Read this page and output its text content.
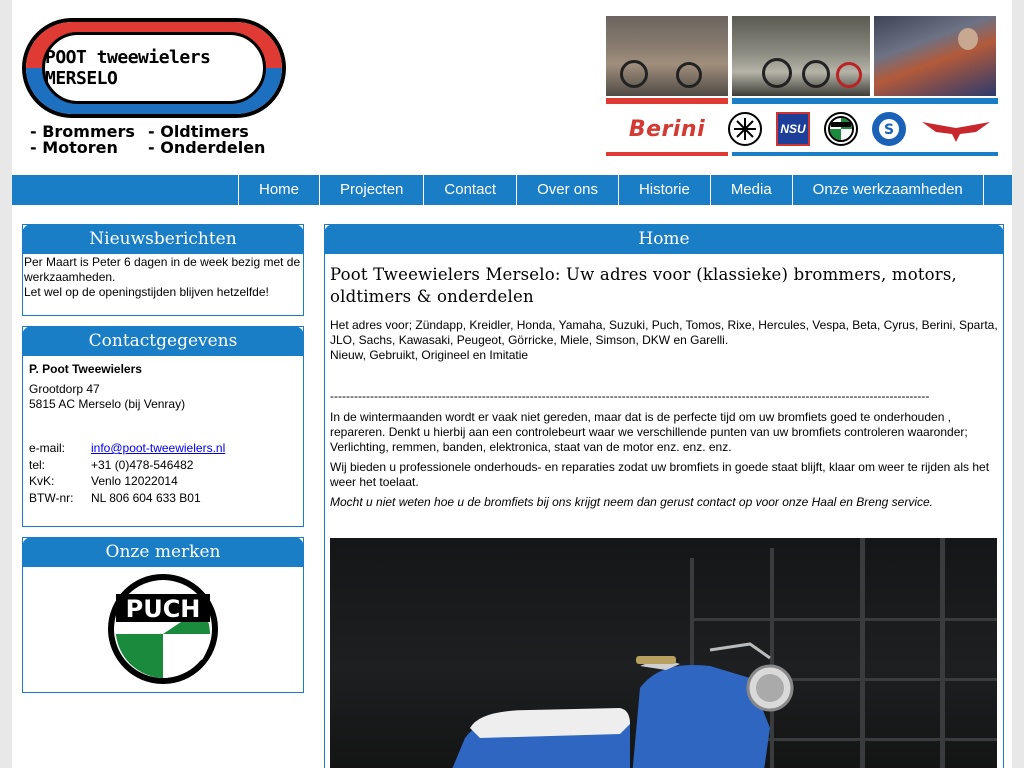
POOT tweewielers MERSELO
- Brommers - Oldtimers
- Motoren	- Onderdelen
Berini	NSU	S
Home	Projecten	Contact	Over ons	Historie	Media	Onze werkzaamheden
Nieuwsberichten
Per Maart is Peter 6 dagen in de week bezig met de werkzaamheden.
Let wel op de openingstijden blijven hetzelfde!
Contactgegevens
P. Poot Tweewielers
Grootdorp 47
5815 AC Merselo (bij Venray)
e-mail:	info@poot-tweewielers.nl
tel:	+31 (0)478-546482
KvK:	Venlo 12022014
BTW-nr:	NL 806 604 633 B01
Onze merken
PUCH
Home
Poot Tweewielers Merselo: Uw adres voor (klassieke) brommers, motors, oldtimers & onderdelen

Het adres voor; Zündapp, Kreidler, Honda, Yamaha, Suzuki, Puch, Tomos, Rixe, Hercules, Vespa, Beta, Cyrus, Berini, Sparta, JLO, Sachs, Kawasaki, Peugeot, Görricke, Miele, Simson, DKW en Garelli.

Nieuw, Gebruikt, Origineel en Imitatie

------------------------------------------------------------------------------------------------------------------------------------------------------

In de wintermaanden wordt er vaak niet gereden, maar dat is de perfecte tijd om uw bromfiets goed te onderhouden , repareren. Denkt u hierbij aan een controlebeurt waar we verschillende punten van uw bromfiets controleren waaronder; Verlichting, remmen, banden, elektronica, staat van de motor enz. enz. enz.

Wij bieden u professionele onderhouds- en reparaties zodat uw bromfiets in goede staat blijft, klaar om weer te rijden als het weer het toelaat.

Mocht u niet weten hoe u de bromfiets bij ons krijgt neem dan gerust contact op voor onze Haal en Breng service.
